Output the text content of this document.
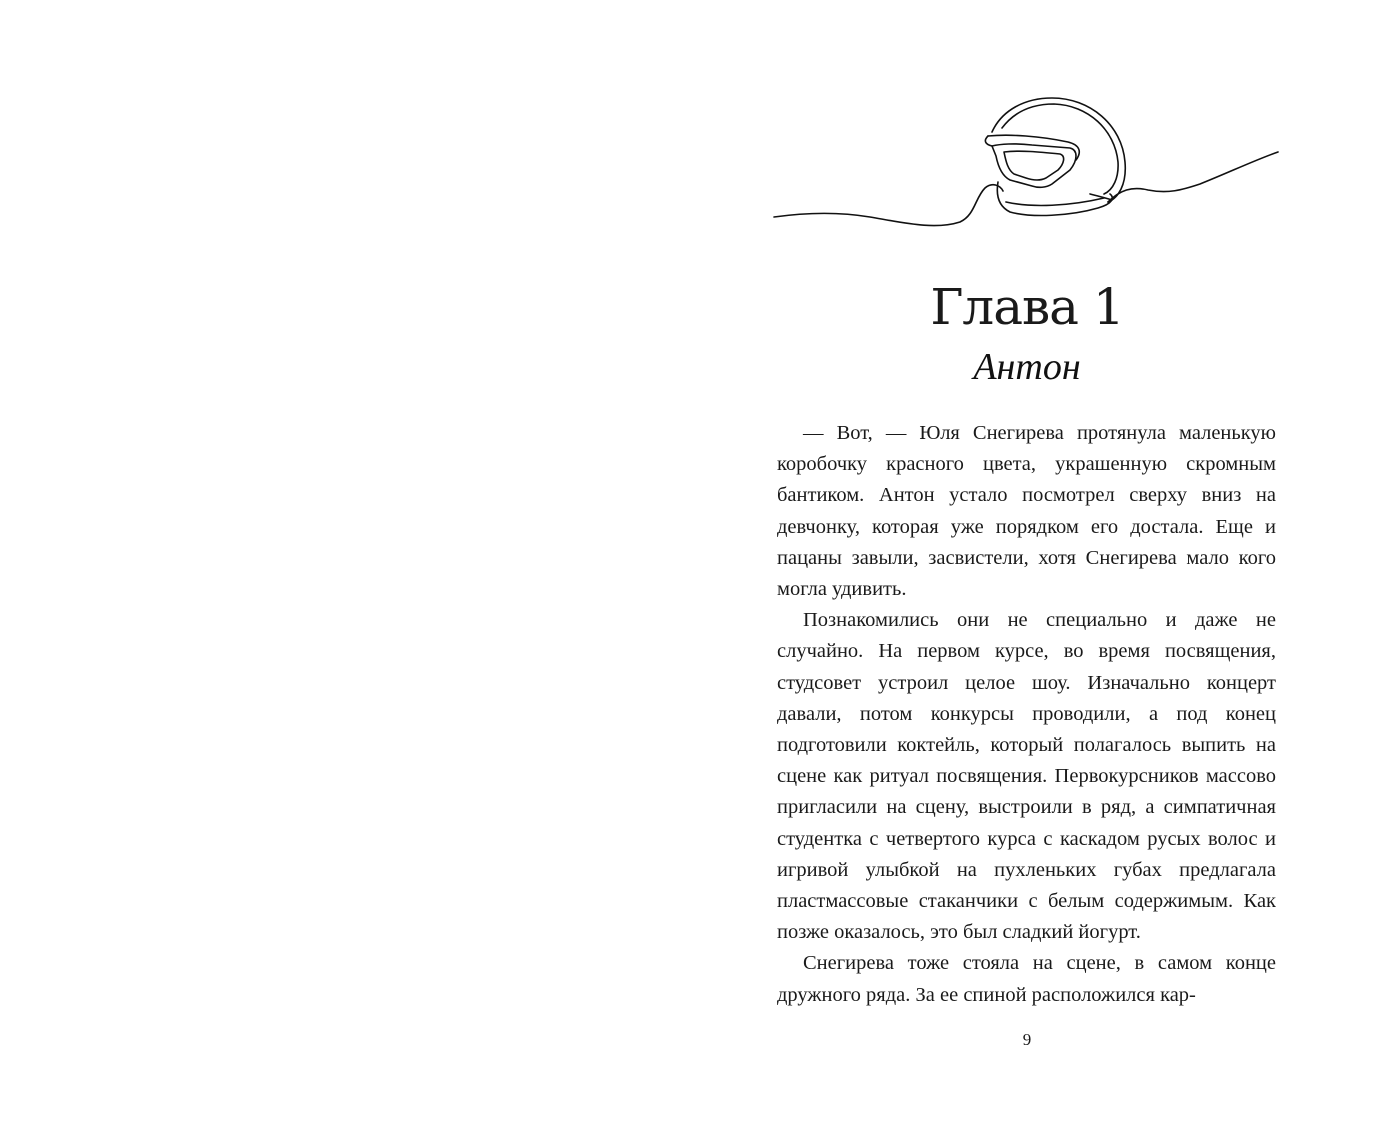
Глава 1
Антон

— Вот, — Юля Снегирева протянула маленькую коробочку красного цвета, украшенную скромным бантиком. Антон устало посмотрел сверху вниз на девчонку, которая уже порядком его достала. Еще и пацаны завыли, засвистели, хотя Снегирева мало кого могла удивить.

Познакомились они не специально и даже не случайно. На первом курсе, во время посвящения, студсовет устроил целое шоу. Изначально концерт давали, потом конкурсы проводили, а под конец подготовили коктейль, который полагалось выпить на сцене как ритуал посвящения. Первокурсников массово пригласили на сцену, выстроили в ряд, а симпатичная студентка с четвертого курса с каскадом русых волос и игривой улыбкой на пухленьких губах предлагала пластмассовые стаканчики с белым содержимым. Как позже оказалось, это был сладкий йогурт.

Снегирева тоже стояла на сцене, в самом конце дружного ряда. За ее спиной расположился кар-

9
